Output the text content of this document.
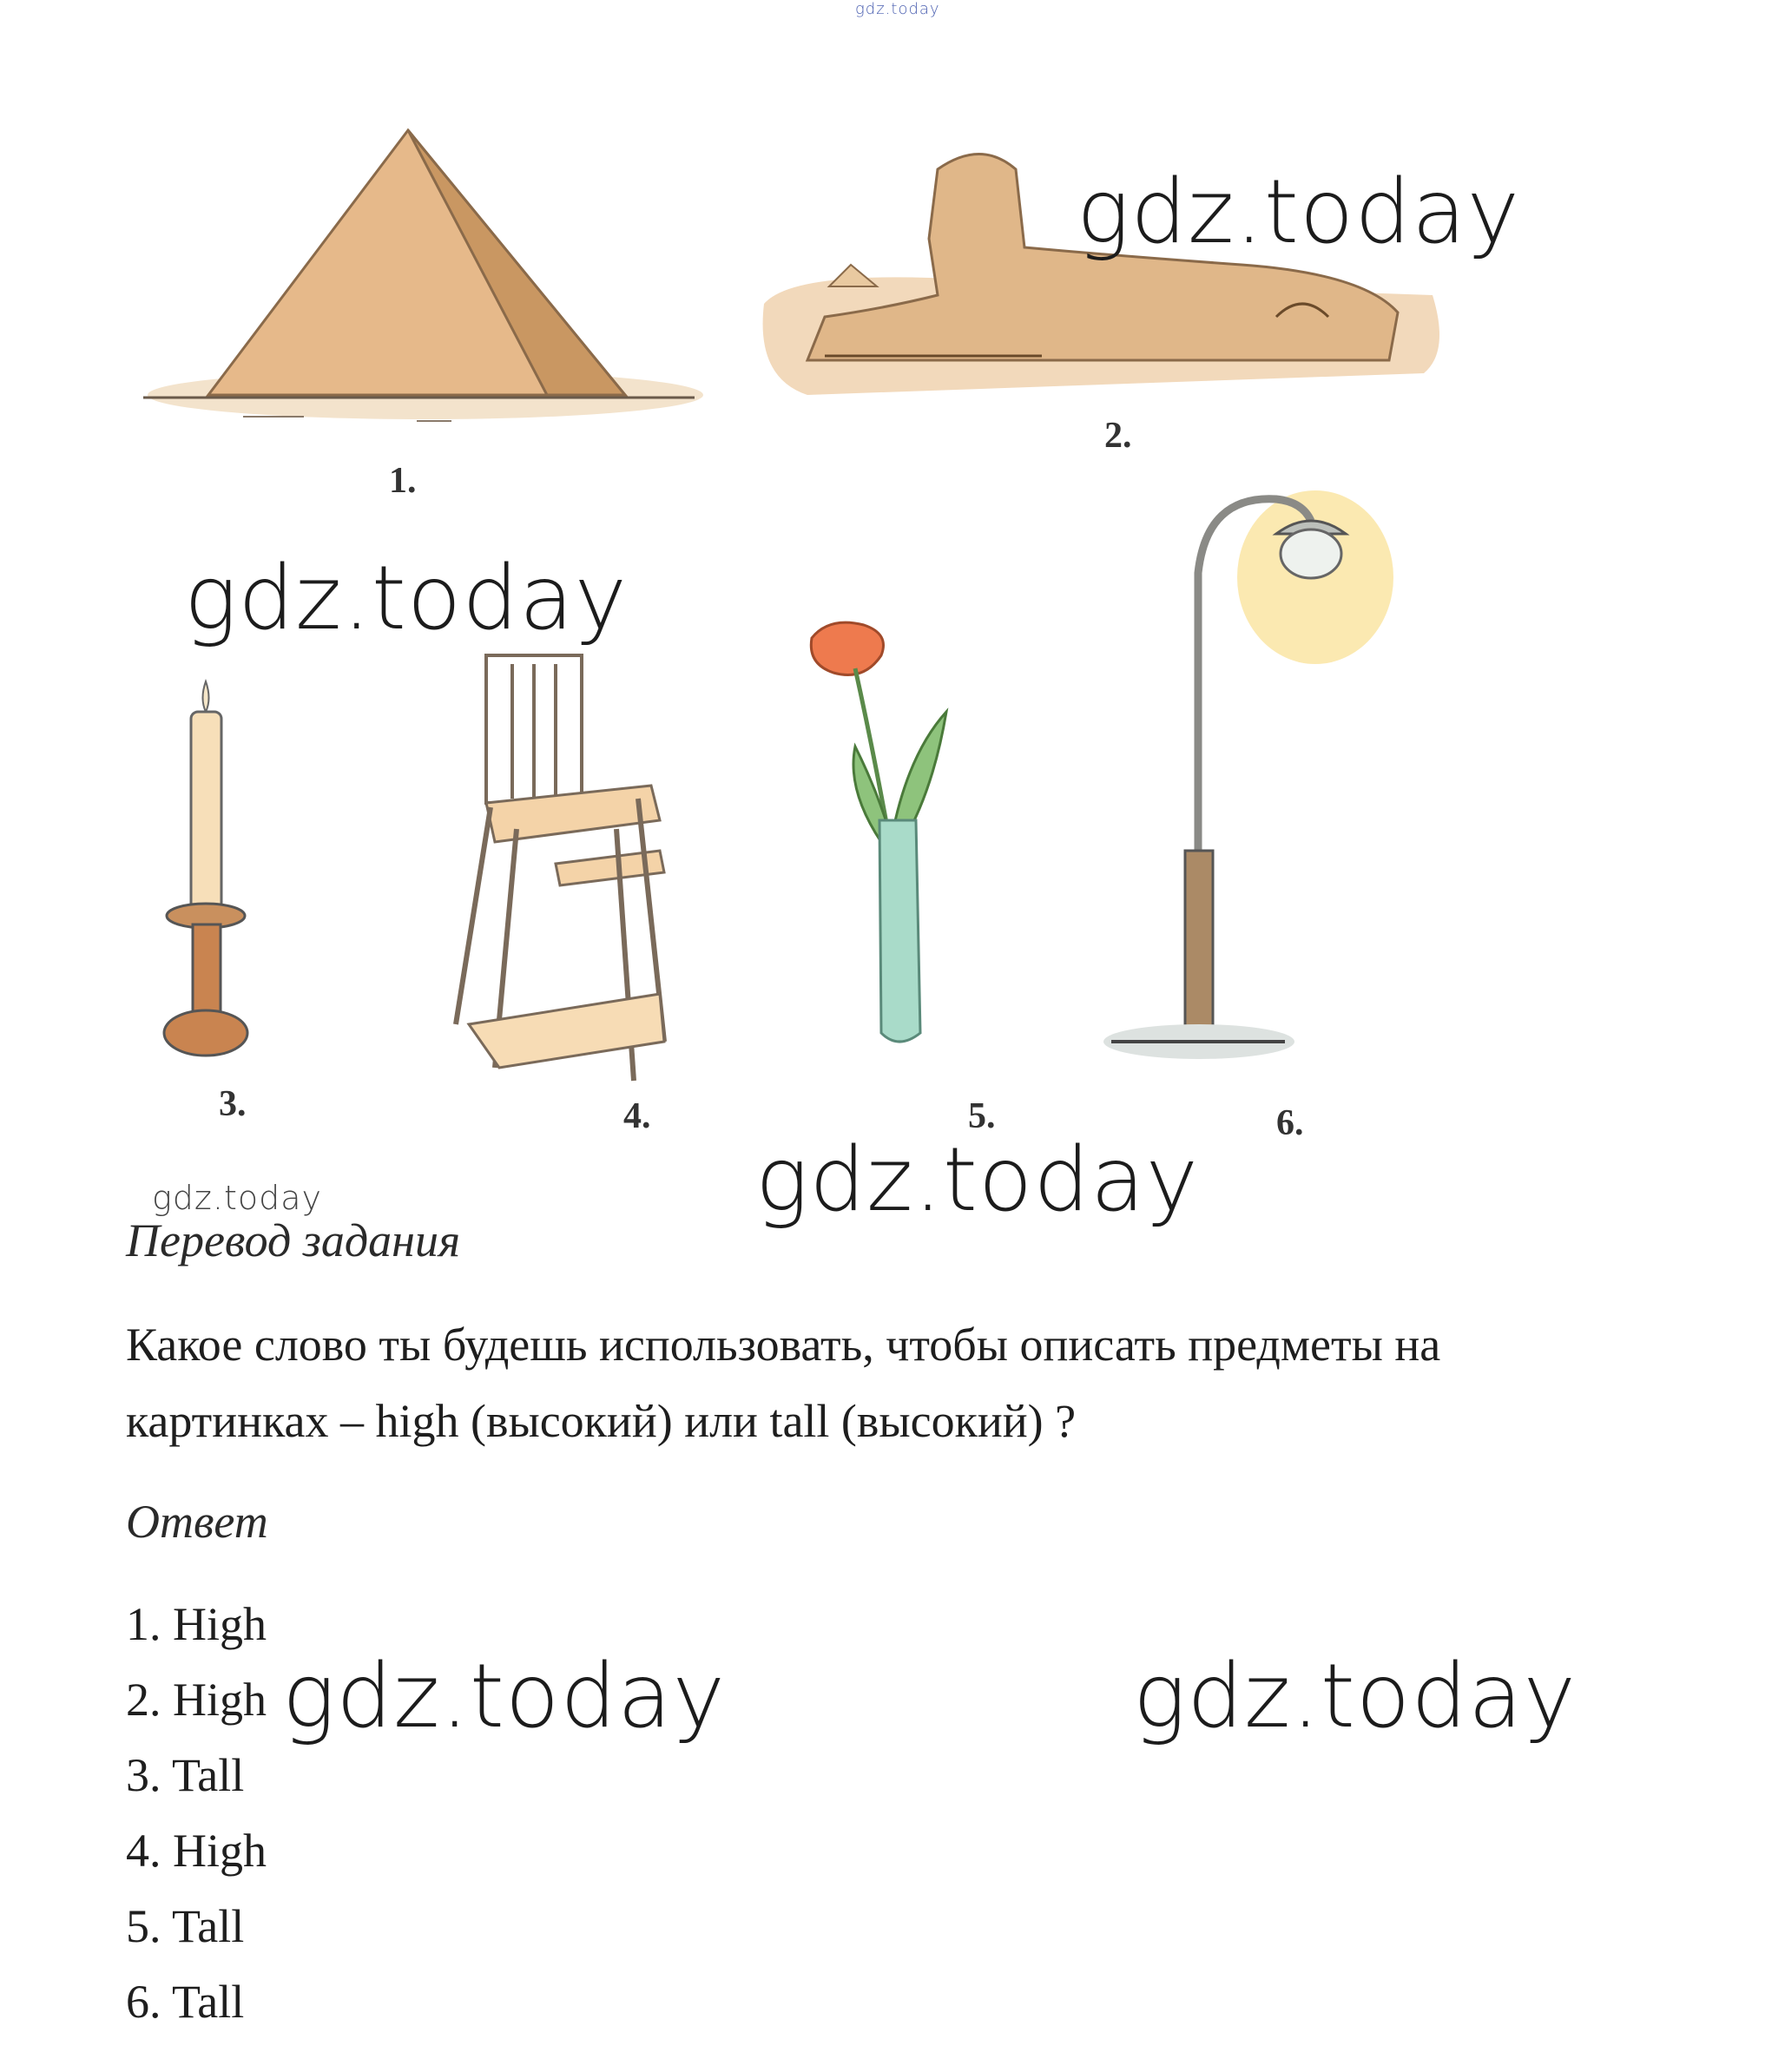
gdz.today
1.
gdz.today
2.
gdz.today
3.	4.	5.	6.
gdz.today
gdz.today
Перевод задания
Какое слово ты будешь использовать, чтобы описать предметы на
картинках – high (высокий) или tall (высокий) ?
Ответ
1. High
2. High
3. Tall
4. High
5. Tall
6. Tall
gdz.today	gdz.today
